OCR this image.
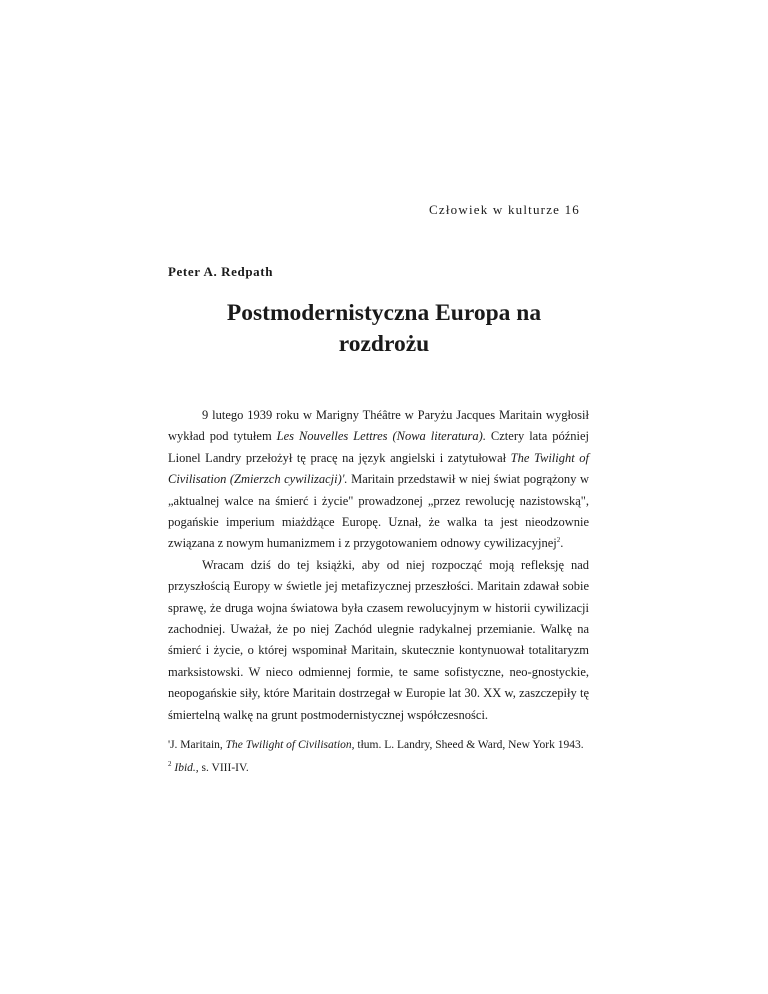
Człowiek w kulturze 16
Peter A. Redpath
Postmodernistyczna Europa na
rozdrożu

9 lutego 1939 roku w Marigny Théâtre w Paryżu Jacques Maritain wygłosił wykład pod tytułem Les Nouvelles Lettres (Nowa literatura). Cztery lata później Lionel Landry przełożył tę pracę na język angielski i zatytułował The Twilight of Civilisation (Zmierzch cywilizacji)'. Maritain przedstawił w niej świat pogrążony w „aktualnej walce na śmierć i życie" prowadzonej „przez rewolucję nazistowską", pogańskie imperium miażdżące Europę. Uznał, że walka ta jest nieodzownie związana z nowym humanizmem i z przygotowaniem odnowy cywilizacyjnej$^2$.

Wracam dziś do tej książki, aby od niej rozpocząć moją refleksję nad przyszłością Europy w świetle jej metafizycznej przeszłości. Maritain zdawał sobie sprawę, że druga wojna światowa była czasem rewolucyjnym w historii cywilizacji zachodniej. Uważał, że po niej Zachód ulegnie radykalnej przemianie. Walkę na śmierć i życie, o której wspominał Maritain, skutecznie kontynuował totalitaryzm marksistowski. W nieco odmiennej formie, te same sofistyczne, neo-gnostyckie, neopogańskie siły, które Maritain dostrzegał w Europie lat 30. XX w, zaszczepiły tę śmiertelną walkę na grunt postmodernistycznej współczesności.

'J. Maritain, The Twilight of Civilisation, tłum. L. Landry, Sheed & Ward, New York 1943.
$^2$ Ibid., s. VIII-IV.
